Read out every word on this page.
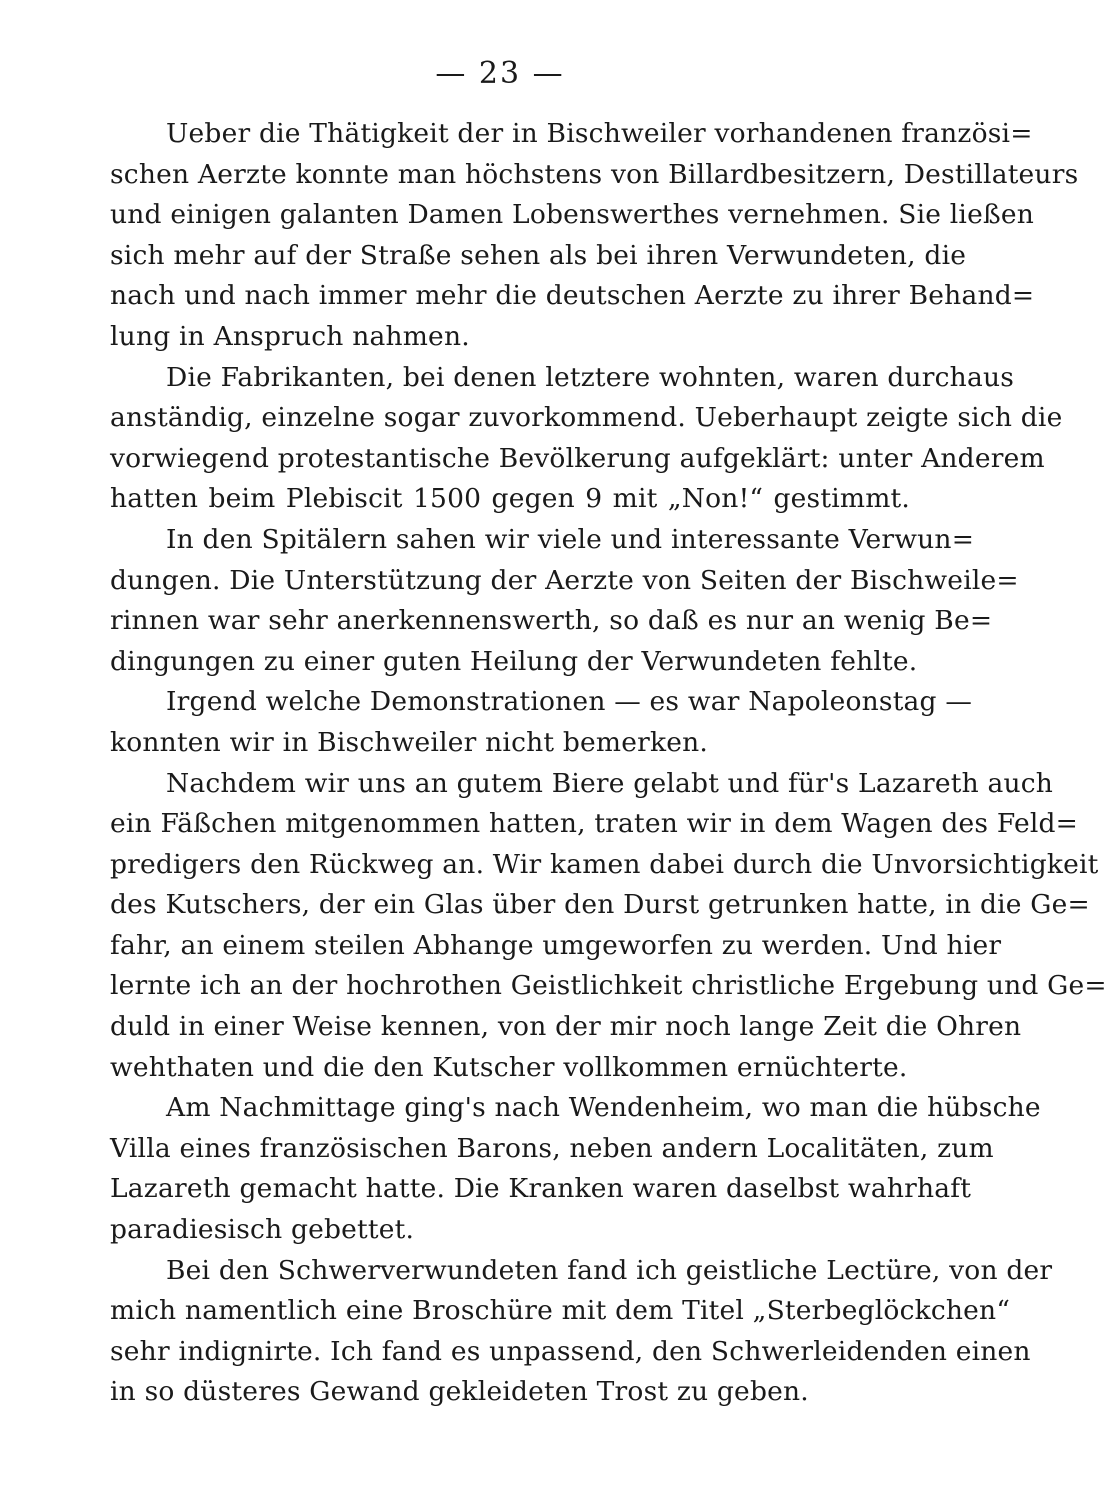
— 23 —
Ueber die Thätigkeit der in Bischweiler vorhandenen französi=
schen Aerzte konnte man höchstens von Billardbesitzern, Destillateurs
und einigen galanten Damen Lobenswerthes vernehmen. Sie ließen
sich mehr auf der Straße sehen als bei ihren Verwundeten, die
nach und nach immer mehr die deutschen Aerzte zu ihrer Behand=
lung in Anspruch nahmen.
Die Fabrikanten, bei denen letztere wohnten, waren durchaus
anständig, einzelne sogar zuvorkommend. Ueberhaupt zeigte sich die
vorwiegend protestantische Bevölkerung aufgeklärt: unter Anderem
hatten beim Plebiscit 1500 gegen 9 mit „Non!“ gestimmt.
In den Spitälern sahen wir viele und interessante Verwun=
dungen. Die Unterstützung der Aerzte von Seiten der Bischweile=
rinnen war sehr anerkennenswerth, so daß es nur an wenig Be=
dingungen zu einer guten Heilung der Verwundeten fehlte.
Irgend welche Demonstrationen — es war Napoleonstag —
konnten wir in Bischweiler nicht bemerken.
Nachdem wir uns an gutem Biere gelabt und für's Lazareth auch
ein Fäßchen mitgenommen hatten, traten wir in dem Wagen des Feld=
predigers den Rückweg an. Wir kamen dabei durch die Unvorsichtigkeit
des Kutschers, der ein Glas über den Durst getrunken hatte, in die Ge=
fahr, an einem steilen Abhange umgeworfen zu werden. Und hier
lernte ich an der hochrothen Geistlichkeit christliche Ergebung und Ge=
duld in einer Weise kennen, von der mir noch lange Zeit die Ohren
wehthaten und die den Kutscher vollkommen ernüchterte.
Am Nachmittage ging's nach Wendenheim, wo man die hübsche
Villa eines französischen Barons, neben andern Localitäten, zum
Lazareth gemacht hatte. Die Kranken waren daselbst wahrhaft
paradiesisch gebettet.
Bei den Schwerverwundeten fand ich geistliche Lectüre, von der
mich namentlich eine Broschüre mit dem Titel „Sterbeglöckchen“
sehr indignirte. Ich fand es unpassend, den Schwerleidenden einen
in so düsteres Gewand gekleideten Trost zu geben.
